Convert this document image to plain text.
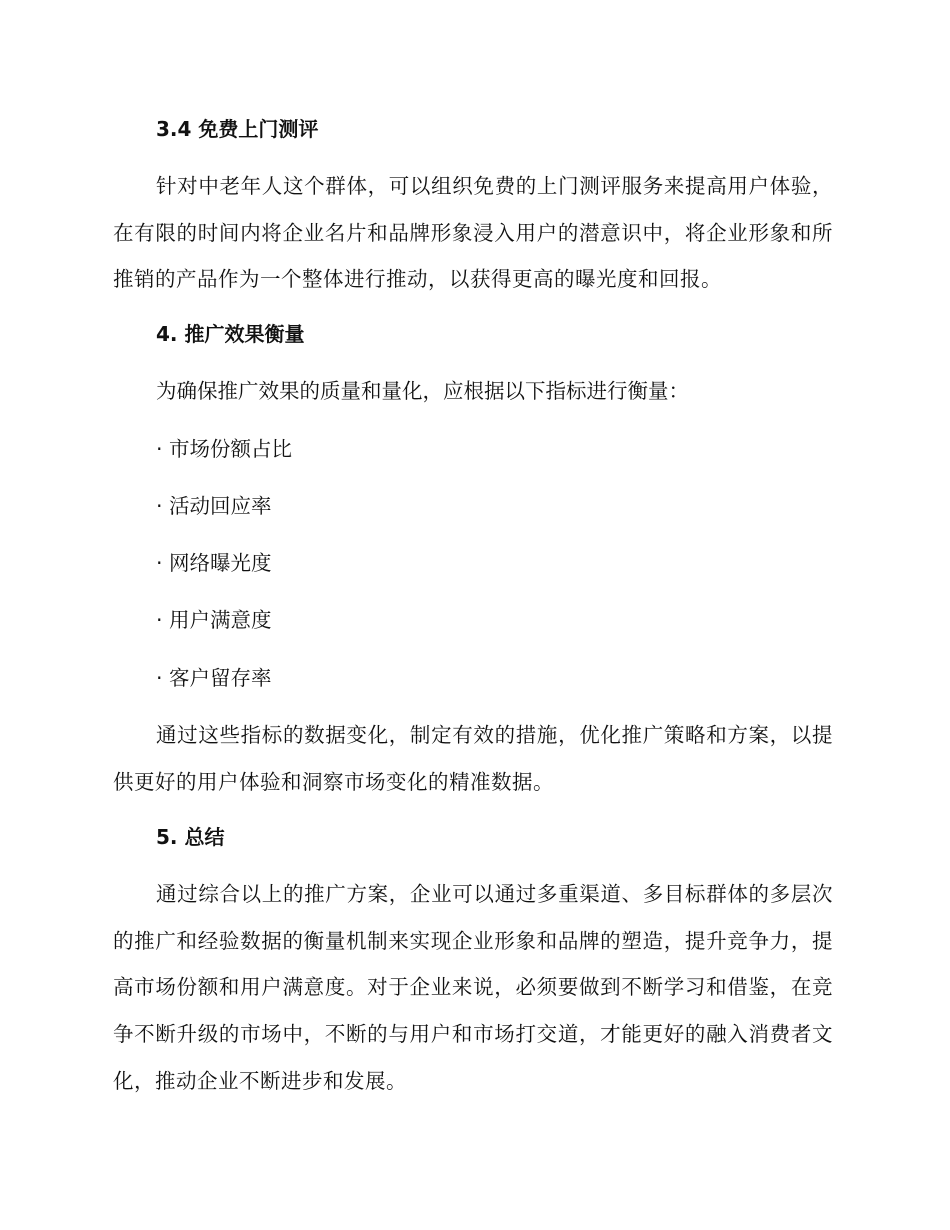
3.4 免费上门测评
针对中老年人这个群体，可以组织免费的上门测评服务来提高用户体验，在有限的时间内将企业名片和品牌形象浸入用户的潜意识中，将企业形象和所推销的产品作为一个整体进行推动，以获得更高的曝光度和回报。
4. 推广效果衡量
为确保推广效果的质量和量化，应根据以下指标进行衡量：
· 市场份额占比
· 活动回应率
· 网络曝光度
· 用户满意度
· 客户留存率
通过这些指标的数据变化，制定有效的措施，优化推广策略和方案，以提供更好的用户体验和洞察市场变化的精准数据。
5. 总结
通过综合以上的推广方案，企业可以通过多重渠道、多目标群体的多层次的推广和经验数据的衡量机制来实现企业形象和品牌的塑造，提升竞争力，提高市场份额和用户满意度。对于企业来说，必须要做到不断学习和借鉴，在竞争不断升级的市场中，不断的与用户和市场打交道，才能更好的融入消费者文化，推动企业不断进步和发展。
